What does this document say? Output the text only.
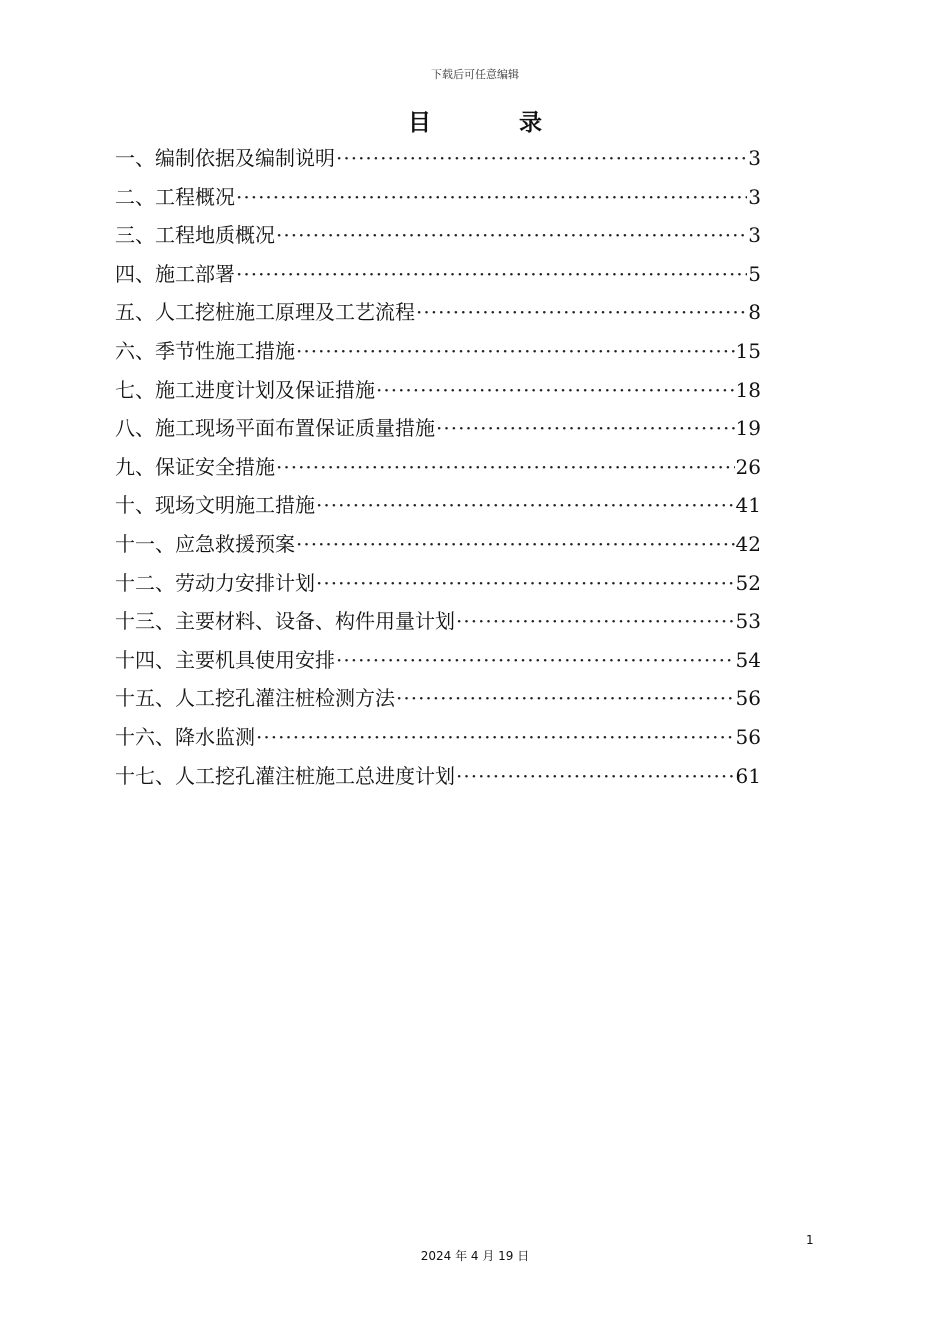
下载后可任意编辑
目 录
一、编制依据及编制说明 ·····	3
二、工程概况 ·····	3
三、工程地质概况 ·····	3
四、施工部署 ·····	5
五、人工挖桩施工原理及工艺流程 ·····	8
六、季节性施工措施 ·····	15
七、施工进度计划及保证措施 ·····	18
八、施工现场平面布置保证质量措施 ·····	19
九、保证安全措施 ·····	26
十、现场文明施工措施 ·····	41
十一、应急救援预案 ·····	42
十二、劳动力安排计划 ·····	52
十三、主要材料、设备、构件用量计划 ·····	53
十四、主要机具使用安排 ·····	54
十五、人工挖孔灌注桩检测方法 ·····	56
十六、降水监测 ·····	56
十七、人工挖孔灌注桩施工总进度计划 ·····	61
1
2024 年 4 月 19 日
